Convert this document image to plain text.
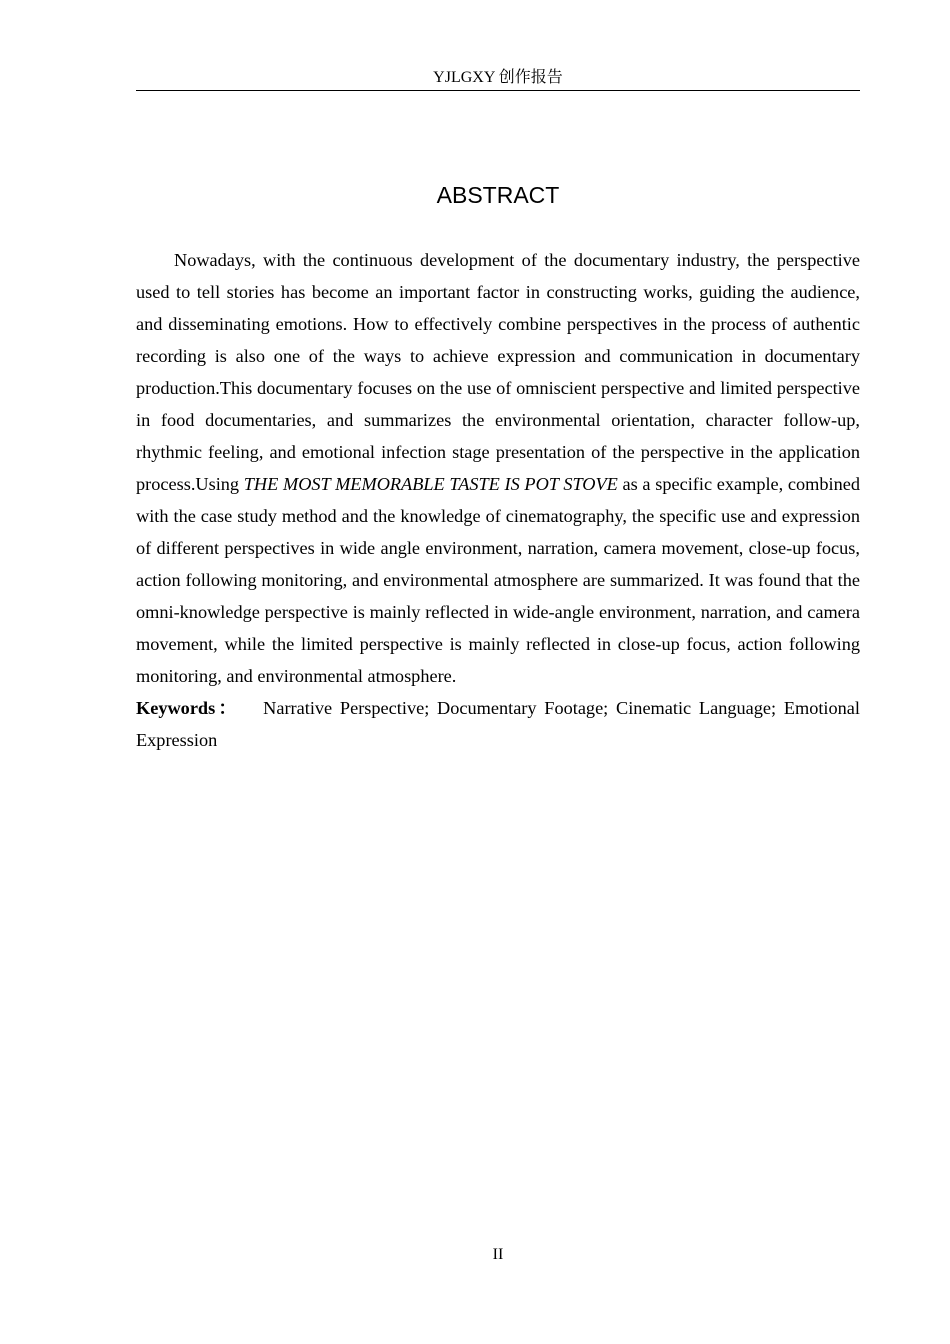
YJLGXY 创作报告
ABSTRACT

Nowadays, with the continuous development of the documentary industry, the perspective used to tell stories has become an important factor in constructing works, guiding the audience, and disseminating emotions. How to effectively combine perspectives in the process of authentic recording is also one of the ways to achieve expression and communication in documentary production.This documentary focuses on the use of omniscient perspective and limited perspective in food documentaries, and summarizes the environmental orientation, character follow-up, rhythmic feeling, and emotional infection stage presentation of the perspective in the application process.Using THE MOST MEMORABLE TASTE IS POT STOVE as a specific example, combined with the case study method and the knowledge of cinematography, the specific use and expression of different perspectives in wide angle environment, narration, camera movement, close-up focus, action following monitoring, and environmental atmosphere are summarized. It was found that the omni-knowledge perspective is mainly reflected in wide-angle environment, narration, and camera movement, while the limited perspective is mainly reflected in close-up focus, action following monitoring, and environmental atmosphere.

Keywords： Narrative Perspective; Documentary Footage; Cinematic Language; Emotional Expression

II
